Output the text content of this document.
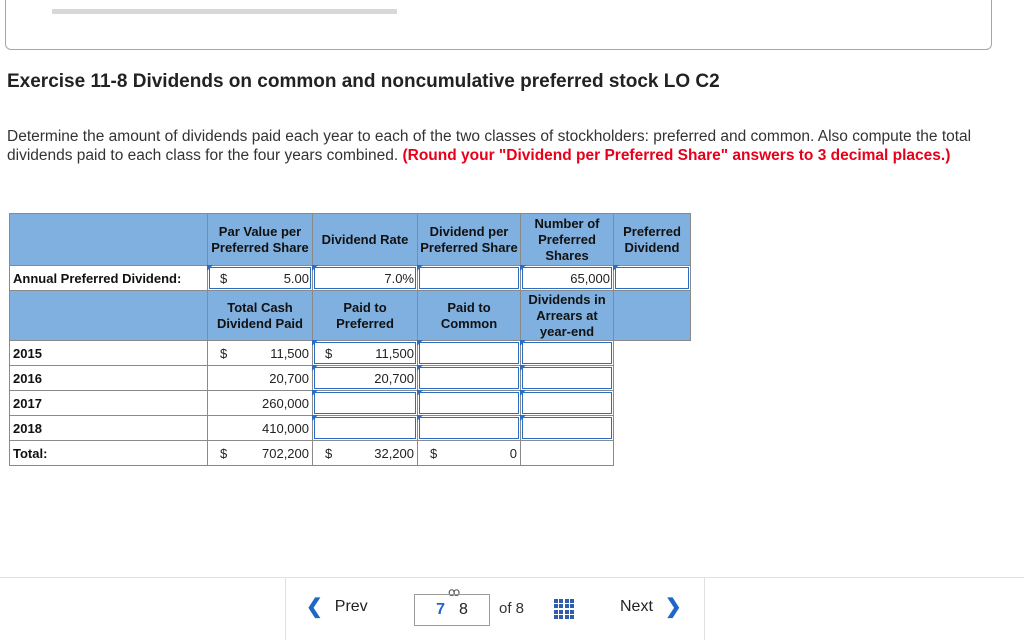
Exercise 11-8 Dividends on common and noncumulative preferred stock LO C2
Determine the amount of dividends paid each year to each of the two classes of stockholders: preferred and common. Also compute the total dividends paid to each class for the four years combined. (Round your "Dividend per Preferred Share" answers to 3 decimal places.)
	Par Value per Preferred Share	Dividend Rate	Dividend per Preferred Share	Number of Preferred Shares	Preferred Dividend
Annual Preferred Dividend:	$ 5.00	7.0%		65,000	

	Total Cash Dividend Paid	Paid to Preferred	Paid to Common	Dividends in Arrears at year-end	
2015	$ 11,500	$ 11,500			

2016	20,700	20,700			

2017	260,000				

2018	410,000				

Total:	$ 702,200	$ 32,200	$ 0		

❮ Prev
ꝏ
7 8 of 8	Next ❯
